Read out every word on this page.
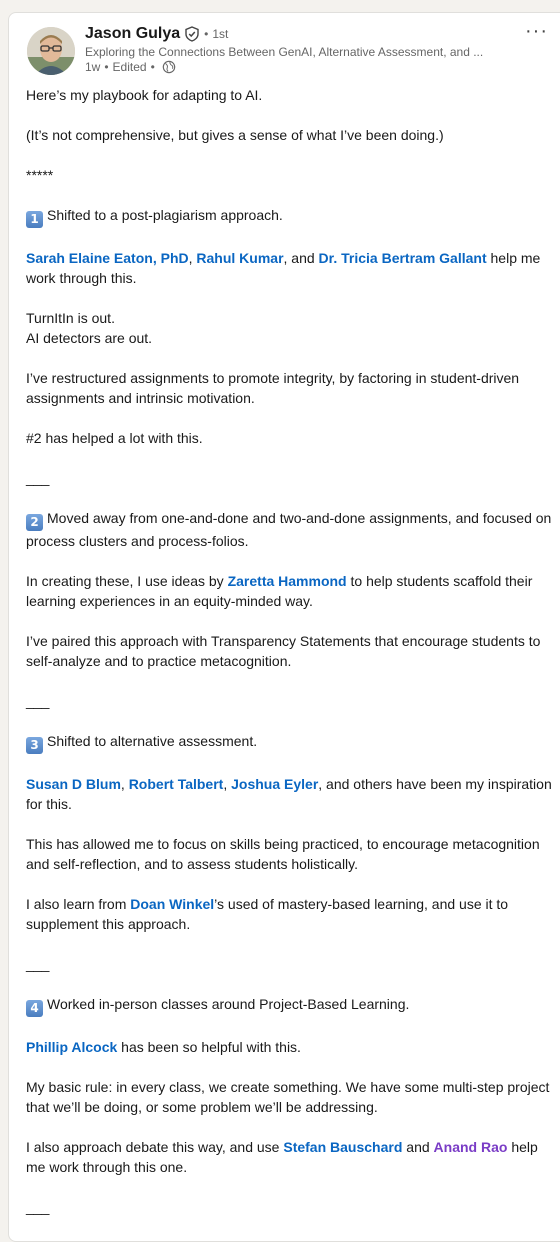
Jason Gulya • 1st
Exploring the Connections Between GenAI, Alternative Assessment, and ...
1w • Edited •
···

Here’s my playbook for adapting to AI.

(It’s not comprehensive, but gives a sense of what I’ve been doing.)

*****

1 Shifted to a post-plagiarism approach.

Sarah Elaine Eaton, PhD, Rahul Kumar, and Dr. Tricia Bertram Gallant help me work through this.

TurnItIn is out.

AI detectors are out.

I’ve restructured assignments to promote integrity, by factoring in student-driven assignments and intrinsic motivation.

#2 has helped a lot with this.

___

2 Moved away from one-and-done and two-and-done assignments, and focused on process clusters and process-folios.

In creating these, I use ideas by Zaretta Hammond to help students scaffold their learning experiences in an equity-minded way.

I’ve paired this approach with Transparency Statements that encourage students to self-analyze and to practice metacognition.

___

3 Shifted to alternative assessment.

Susan D Blum, Robert Talbert, Joshua Eyler, and others have been my inspiration for this.

This has allowed me to focus on skills being practiced, to encourage metacognition and self-reflection, and to assess students holistically.

I also learn from Doan Winkel’s used of mastery-based learning, and use it to supplement this approach.

___

4 Worked in-person classes around Project-Based Learning.

Phillip Alcock has been so helpful with this.

My basic rule: in every class, we create something. We have some multi-step project that we’ll be doing, or some problem we’ll be addressing.

I also approach debate this way, and use Stefan Bauschard and Anand Rao help me work through this one.

___
